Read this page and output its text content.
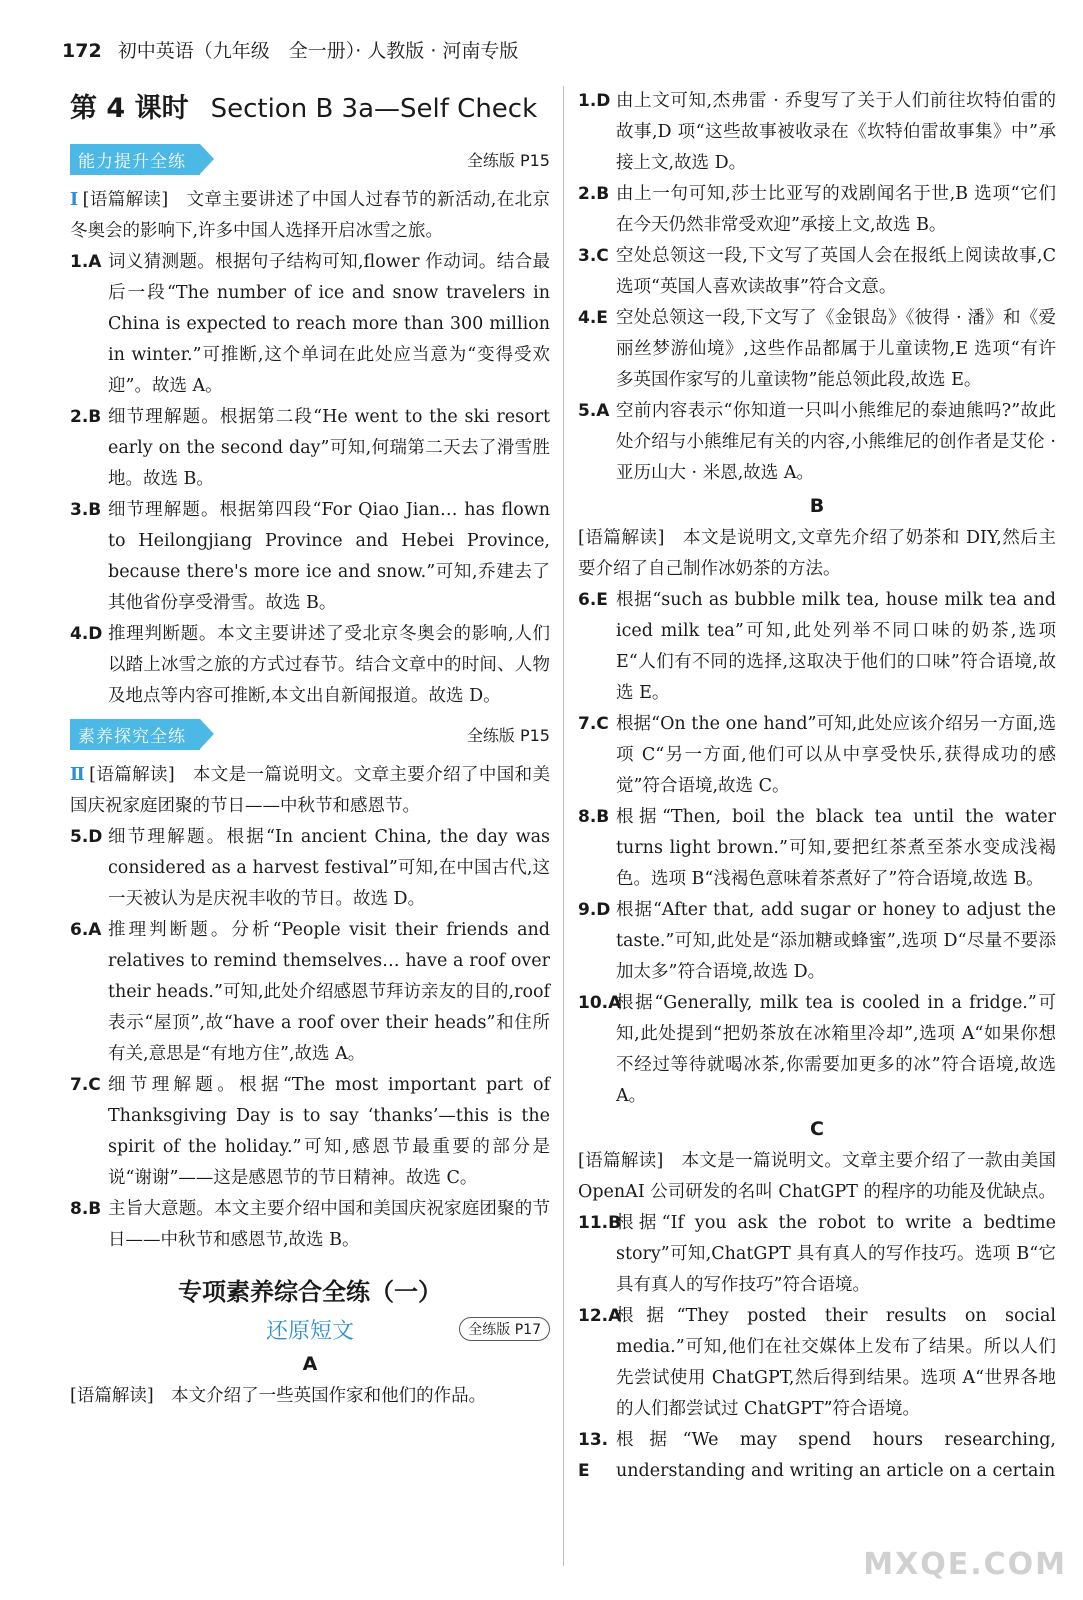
172 初中英语（九年级　全一册）· 人教版 · 河南专版
第 4 课时 Section B 3a—Self Check
能力提升全练	全练版 P15

Ⅰ [语篇解读]　文章主要讲述了中国人过春节的新活动,在北京冬奥会的影响下,许多中国人选择开启冰雪之旅。

1.A 词义猜测题。根据句子结构可知,flower 作动词。结合最后一段“The number of ice and snow travelers in China is expected to reach more than 300 million in winter.”可推断,这个单词在此处应当意为“变得受欢迎”。故选 A。

2.B 细节理解题。根据第二段“He went to the ski resort early on the second day”可知,何瑞第二天去了滑雪胜地。故选 B。

3.B 细节理解题。根据第四段“For Qiao Jian… has flown to Heilongjiang Province and Hebei Province, because there's more ice and snow.”可知,乔建去了其他省份享受滑雪。故选 B。

4.D 推理判断题。本文主要讲述了受北京冬奥会的影响,人们以踏上冰雪之旅的方式过春节。结合文章中的时间、人物及地点等内容可推断,本文出自新闻报道。故选 D。

素养探究全练	全练版 P15

Ⅱ [语篇解读]　本文是一篇说明文。文章主要介绍了中国和美国庆祝家庭团聚的节日——中秋节和感恩节。

5.D 细节理解题。根据“In ancient China, the day was considered as a harvest festival”可知,在中国古代,这一天被认为是庆祝丰收的节日。故选 D。

6.A 推理判断题。分析“People visit their friends and relatives to remind themselves… have a roof over their heads.”可知,此处介绍感恩节拜访亲友的目的,roof 表示“屋顶”,故“have a roof over their heads”和住所有关,意思是“有地方住”,故选 A。

7.C 细节理解题。根据“The most important part of Thanksgiving Day is to say ‘thanks’—this is the spirit of the holiday.”可知,感恩节最重要的部分是说“谢谢”——这是感恩节的节日精神。故选 C。

8.B 主旨大意题。本文主要介绍中国和美国庆祝家庭团聚的节日——中秋节和感恩节,故选 B。

专项素养综合全练（一）
还原短文	全练版 P17
A

[语篇解读]　本文介绍了一些英国作家和他们的作品。

1.D 由上文可知,杰弗雷 · 乔叟写了关于人们前往坎特伯雷的故事,D 项“这些故事被收录在《坎特伯雷故事集》中”承接上文,故选 D。

2.B 由上一句可知,莎士比亚写的戏剧闻名于世,B 选项“它们在今天仍然非常受欢迎”承接上文,故选 B。

3.C 空处总领这一段,下文写了英国人会在报纸上阅读故事,C 选项“英国人喜欢读故事”符合文意。

4.E 空处总领这一段,下文写了《金银岛》《彼得 · 潘》和《爱丽丝梦游仙境》,这些作品都属于儿童读物,E 选项“有许多英国作家写的儿童读物”能总领此段,故选 E。

5.A 空前内容表示“你知道一只叫小熊维尼的泰迪熊吗?”故此处介绍与小熊维尼有关的内容,小熊维尼的创作者是艾伦 · 亚历山大 · 米恩,故选 A。

B

[语篇解读]　本文是说明文,文章先介绍了奶茶和 DIY,然后主要介绍了自己制作冰奶茶的方法。

6.E 根据“such as bubble milk tea, house milk tea and iced milk tea”可知,此处列举不同口味的奶茶,选项 E“人们有不同的选择,这取决于他们的口味”符合语境,故选 E。

7.C 根据“On the one hand”可知,此处应该介绍另一方面,选项 C“另一方面,他们可以从中享受快乐,获得成功的感觉”符合语境,故选 C。

8.B 根据“Then, boil the black tea until the water turns light brown.”可知,要把红茶煮至茶水变成浅褐色。选项 B“浅褐色意味着茶煮好了”符合语境,故选 B。

9.D 根据“After that, add sugar or honey to adjust the taste.”可知,此处是“添加糖或蜂蜜”,选项 D“尽量不要添加太多”符合语境,故选 D。

10.A

根据“Generally, milk tea is cooled in a fridge.”可知,此处提到“把奶茶放在冰箱里冷却”,选项 A“如果你想不经过等待就喝冰茶,你需要加更多的冰”符合语境,故选 A。

C

[语篇解读]　本文是一篇说明文。文章主要介绍了一款由美国 OpenAI 公司研发的名叫 ChatGPT 的程序的功能及优缺点。

11.B

根据“If you ask the robot to write a bedtime story”可知,ChatGPT 具有真人的写作技巧。选项 B“它具有真人的写作技巧”符合语境。

12.A

根据“They posted their results on social media.”可知,他们在社交媒体上发布了结果。所以人们先尝试使用 ChatGPT,然后得到结果。选项 A“世界各地的人们都尝试过 ChatGPT”符合语境。

13. E

根据“We may spend hours researching, understanding and writing an article on a certain

MXQE.COM
